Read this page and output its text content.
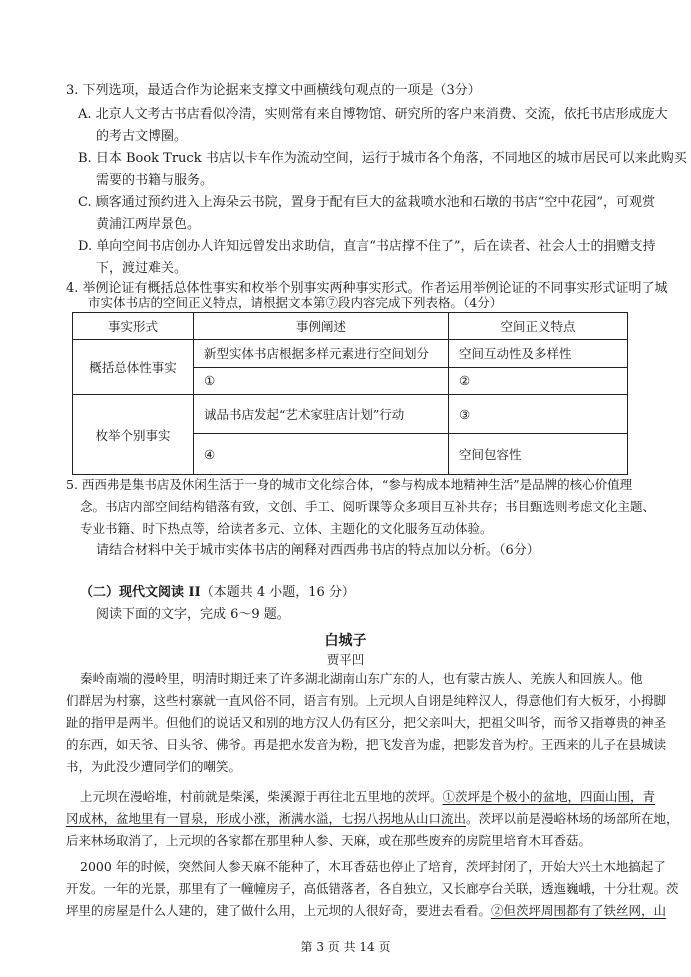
3. 下列选项，最适合作为论据来支撑文中画横线句观点的一项是（3分）
A. 北京人文考古书店看似冷清，实则常有来自博物馆、研究所的客户来消费、交流，依托书店形成庞大
的考古文博圈。
B. 日本 Book Truck 书店以卡车作为流动空间，运行于城市各个角落，不同地区的城市居民可以来此购买
需要的书籍与服务。
C. 顾客通过预约进入上海朵云书院，置身于配有巨大的盆栽喷水池和石墩的书店“空中花园”，可观赏
黄浦江两岸景色。
D. 单向空间书店创办人许知远曾发出求助信，直言“书店撑不住了”，后在读者、社会人士的捐赠支持
下，渡过难关。
4. 举例论证有概括总体性事实和枚举个别事实两种事实形式。作者运用举例论证的不同事实形式证明了城
市实体书店的空间正义特点，请根据文本第⑦段内容完成下列表格。（4分）
事实形式	事例阐述	空间正义特点
概括总体性事实	新型实体书店根据多样元素进行空间划分	空间互动性及多样性
	①	②
枚举个别事实	诚品书店发起“艺术家驻店计划”行动	③
	④	空间包容性
5. 西西弗是集书店及休闲生活于一身的城市文化综合体，“参与构成本地精神生活”是品牌的核心价值理
念。书店内部空间结构错落有致，文创、手工、阅听课等众多项目互补共存；书目甄选则考虑文化主题、
专业书籍、时下热点等，给读者多元、立体、主题化的文化服务互动体验。
请结合材料中关于城市实体书店的阐释对西西弗书店的特点加以分析。（6分）
（二）现代文阅读 II（本题共 4 小题，16 分）
阅读下面的文字，完成 6～9 题。
白城子
贾平凹
秦岭南端的漫岭里，明清时期迁来了许多湖北湖南山东广东的人，也有蒙古族人、羌族人和回族人。他
们群居为村寨，这些村寨就一直风俗不同，语言有别。上元坝人自诩是纯粹汉人，得意他们有大板牙，小拇脚
趾的指甲是两半。但他们的说话又和别的地方汉人仍有区分，把父亲叫大，把祖父叫爷，而爷又指尊贵的神圣
的东西，如天爷、日头爷、佛爷。再是把水发音为粉，把飞发音为虚，把影发音为柠。王西来的儿子在县城读
书，为此没少遭同学们的嘲笑。
上元坝在漫峪堆，村前就是柴溪，柴溪源于再往北五里地的茨坪。①茨坪是个极小的盆地，四面山围，青
冈成林，盆地里有一冒泉，形成小涨，淅满水溢，七拐八拐地从山口流出。茨坪以前是漫峪林场的场部所在地，
后来林场取消了，上元坝的各家都在那里种人参、天麻，或在那些废弃的房院里培育木耳香菇。
2000 年的时候，突然间人参天麻不能种了，木耳香菇也停止了培育，茨坪封闭了，开始大兴土木地搞起了
开发。一年的光景，那里有了一幢幢房子，高低错落者，各自独立，又长廊亭台关联，透迤巍峨，十分壮观。茨
坪里的房屋是什么人建的，建了做什么用，上元坝的人很好奇，要进去看看。②但茨坪周围都有了铁丝网，山
第 3 页 共 14 页
